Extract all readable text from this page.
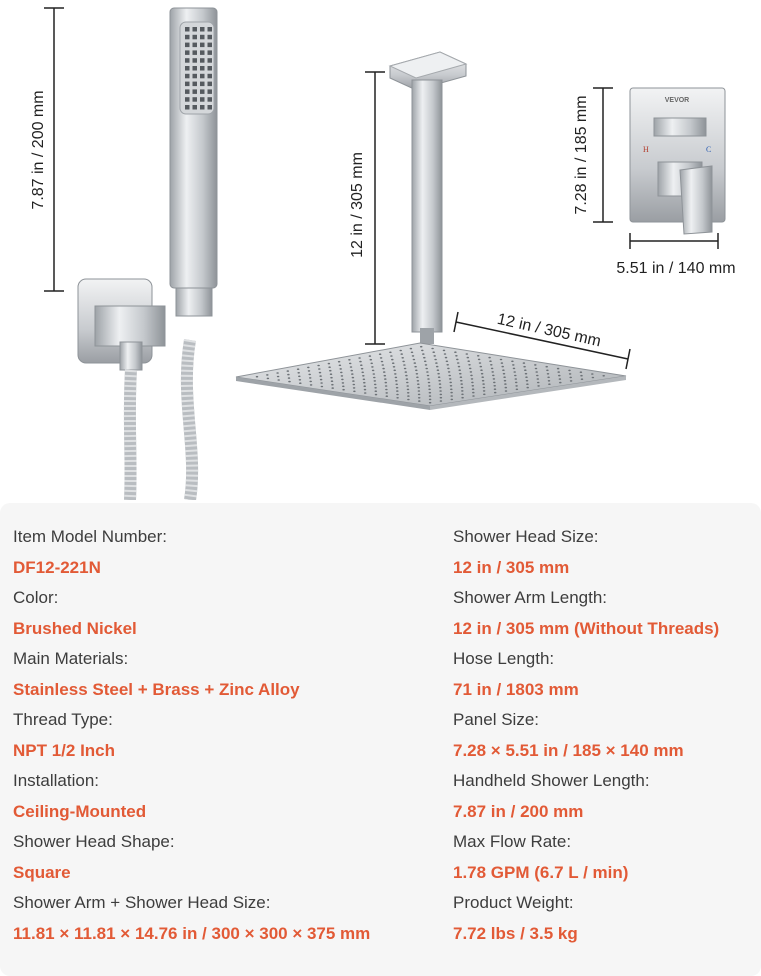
7.87 in / 200 mm	12 in / 305 mm
12 in / 305 mm
7.28 in / 185 mm	VEVOR
H	C
5.51 in / 140 mm
Item Model Number:
DF12-221N
Color:
Brushed Nickel
Main Materials:
Stainless Steel + Brass + Zinc Alloy
Thread Type:
NPT 1/2 Inch
Installation:
Ceiling-Mounted
Shower Head Shape:
Square
Shower Arm + Shower Head Size:
11.81 × 11.81 × 14.76 in / 300 × 300 × 375 mm
Shower Head Size:
12 in / 305 mm
Shower Arm Length:
12 in / 305 mm (Without Threads)
Hose Length:
71 in / 1803 mm
Panel Size:
7.28 × 5.51 in / 185 × 140 mm
Handheld Shower Length:
7.87 in / 200 mm
Max Flow Rate:
1.78 GPM (6.7 L / min)
Product Weight:
7.72 lbs / 3.5 kg
